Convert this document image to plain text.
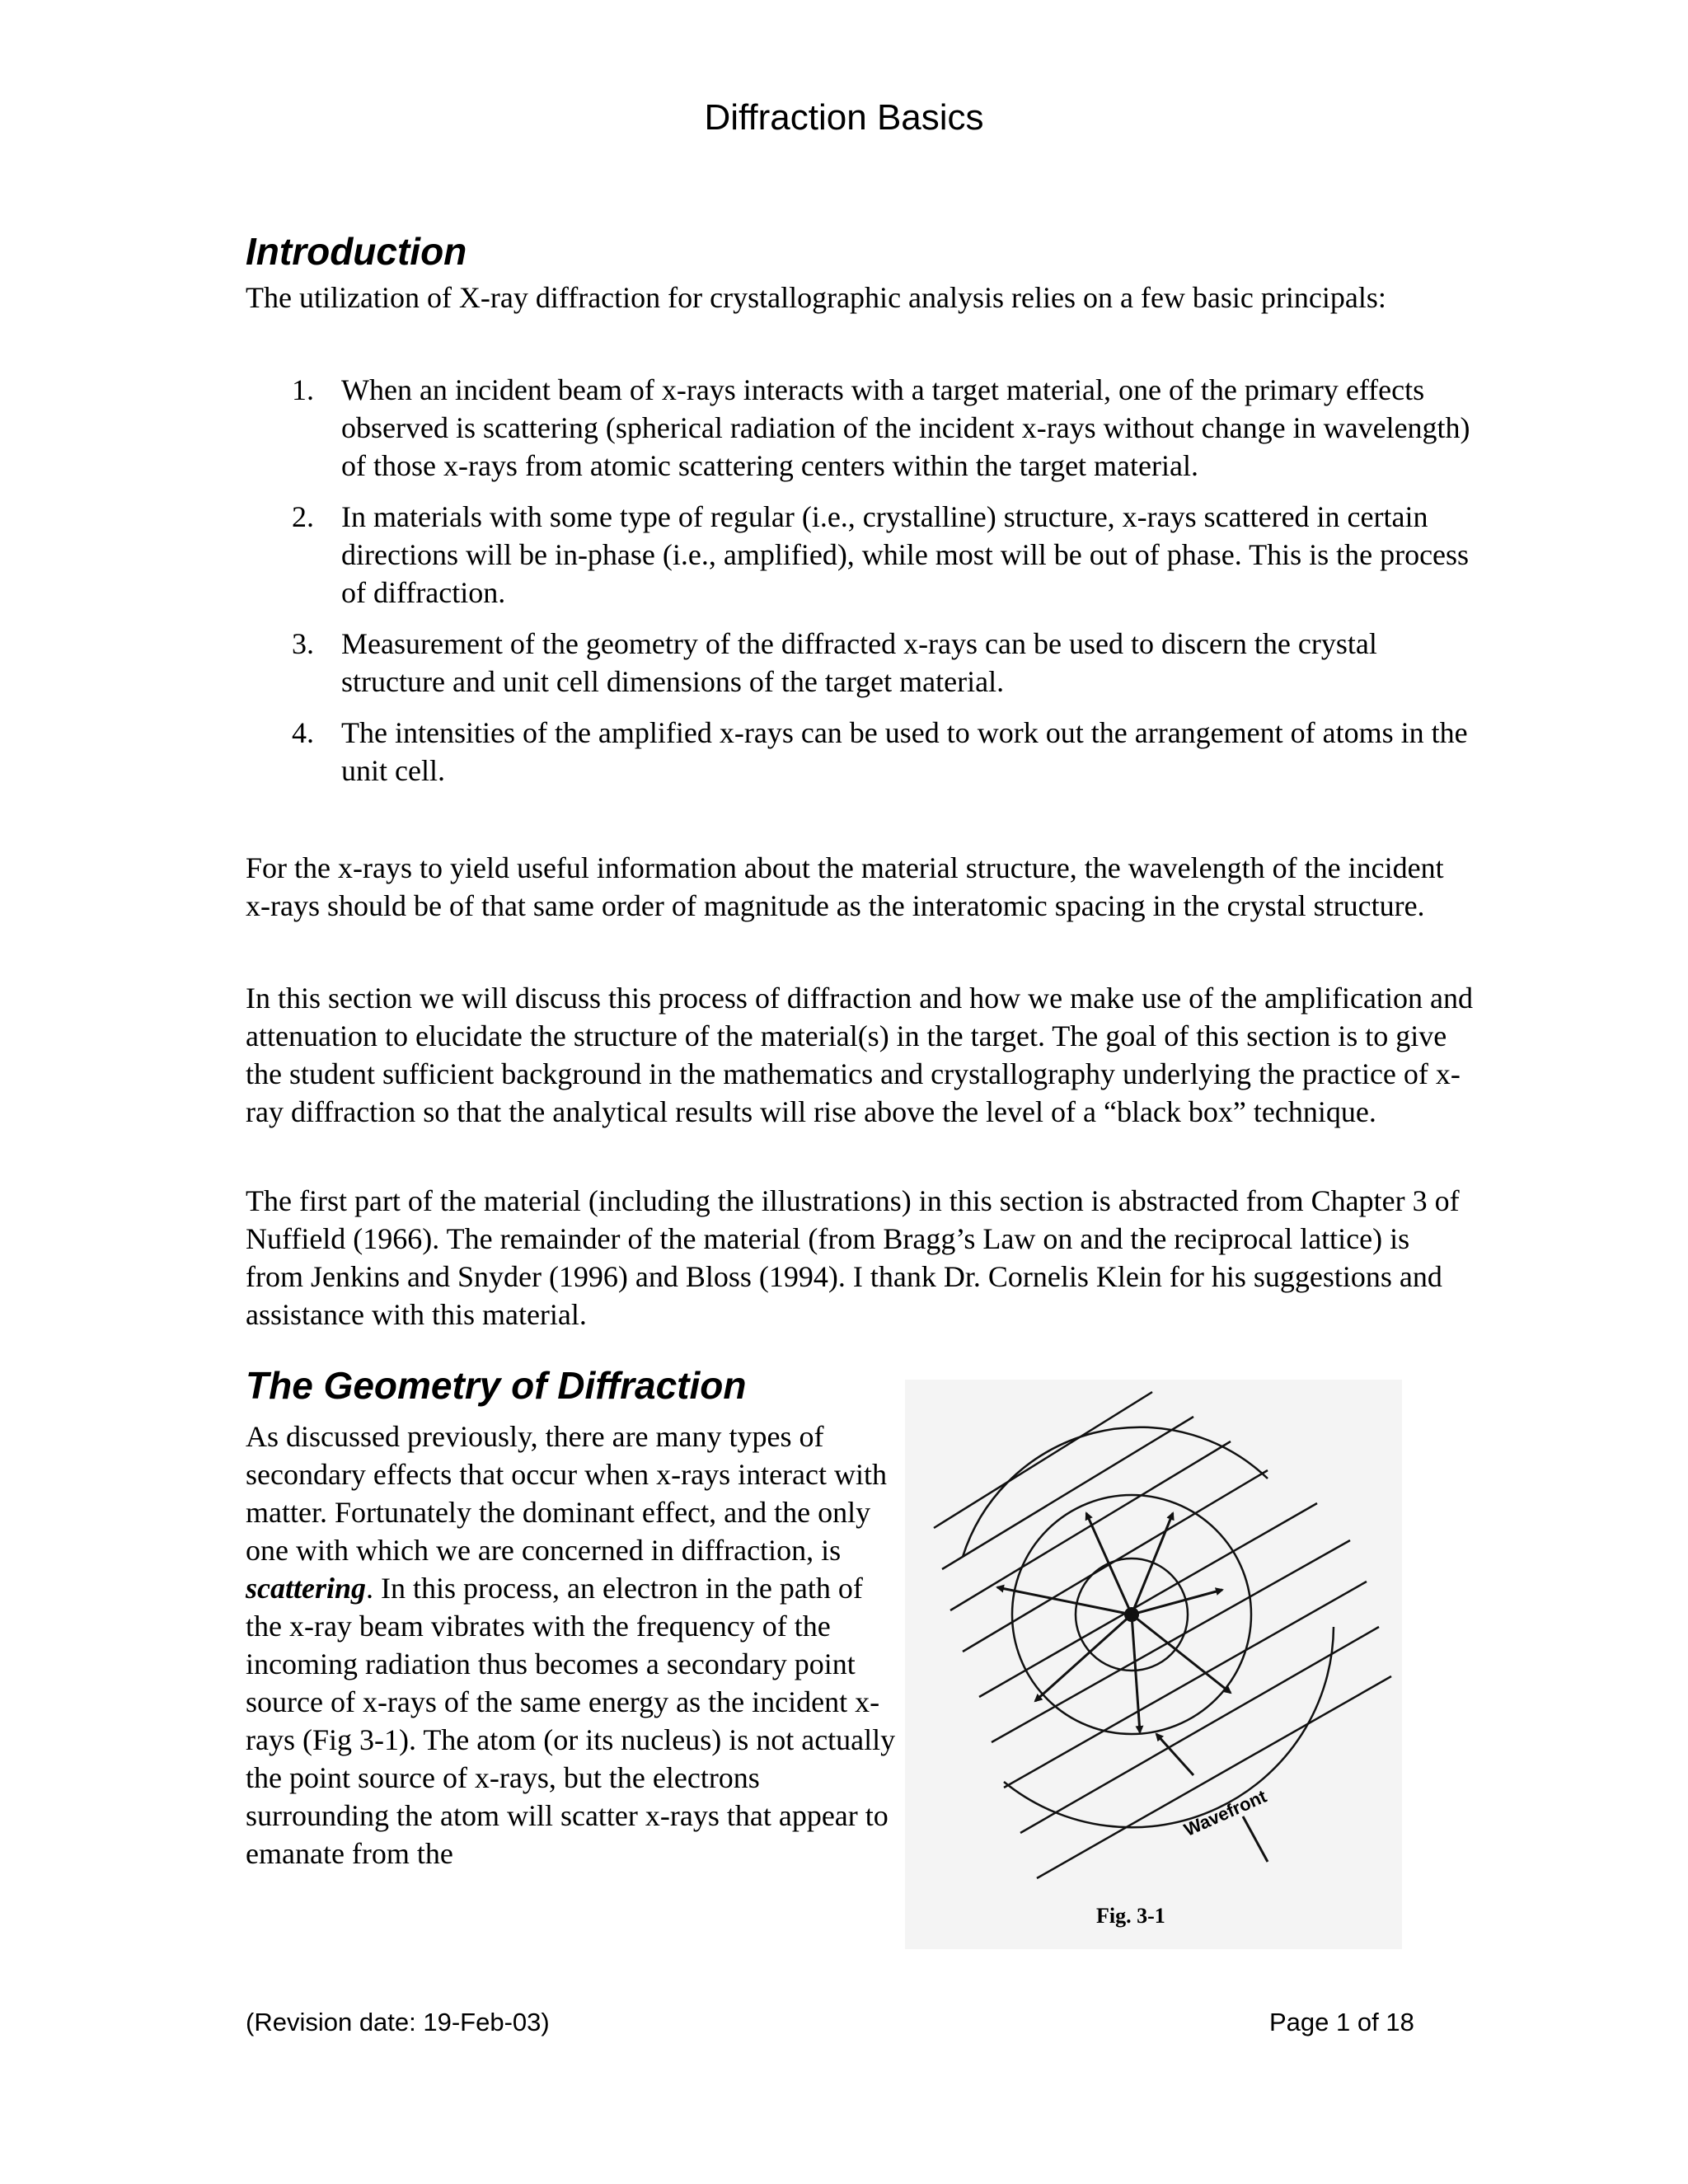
Diffraction Basics
Introduction

The utilization of X-ray diffraction for crystallographic analysis relies on a few basic principals:

1. When an incident beam of x-rays interacts with a target material, one of the primary effects observed is scattering (spherical radiation of the incident x-rays without change in wavelength) of those x-rays from atomic scattering centers within the target material.
2. In materials with some type of regular (i.e., crystalline) structure, x-rays scattered in certain directions will be in-phase (i.e., amplified), while most will be out of phase. This is the process of diffraction.
3. Measurement of the geometry of the diffracted x-rays can be used to discern the crystal structure and unit cell dimensions of the target material.
4. The intensities of the amplified x-rays can be used to work out the arrangement of atoms in the unit cell.

For the x-rays to yield useful information about the material structure, the wavelength of the incident x-rays should be of that same order of magnitude as the interatomic spacing in the crystal structure.

In this section we will discuss this process of diffraction and how we make use of the amplification and attenuation to elucidate the structure of the material(s) in the target. The goal of this section is to give the student sufficient background in the mathematics and crystallography underlying the practice of x-ray diffraction so that the analytical results will rise above the level of a “black box” technique.

The first part of the material (including the illustrations) in this section is abstracted from Chapter 3 of Nuffield (1966). The remainder of the material (from Bragg’s Law on and the reciprocal lattice) is from Jenkins and Snyder (1996) and Bloss (1994). I thank Dr. Cornelis Klein for his suggestions and assistance with this material.

The Geometry of Diffraction

As discussed previously, there are many types of secondary effects that occur when x-rays interact with matter. Fortunately the dominant effect, and the only one with which we are concerned in diffraction, is scattering. In this process, an electron in the path of the x-ray beam vibrates with the frequency of the incoming radiation thus becomes a secondary point source of x-rays of the same energy as the incident x-rays (Fig 3-1). The atom (or its nucleus) is not actually the point source of x-rays, but the electrons surrounding the atom will scatter x-rays that appear to emanate from the

Wavefront
Fig. 3-1
(Revision date: 19-Feb-03)	Page 1 of 18
